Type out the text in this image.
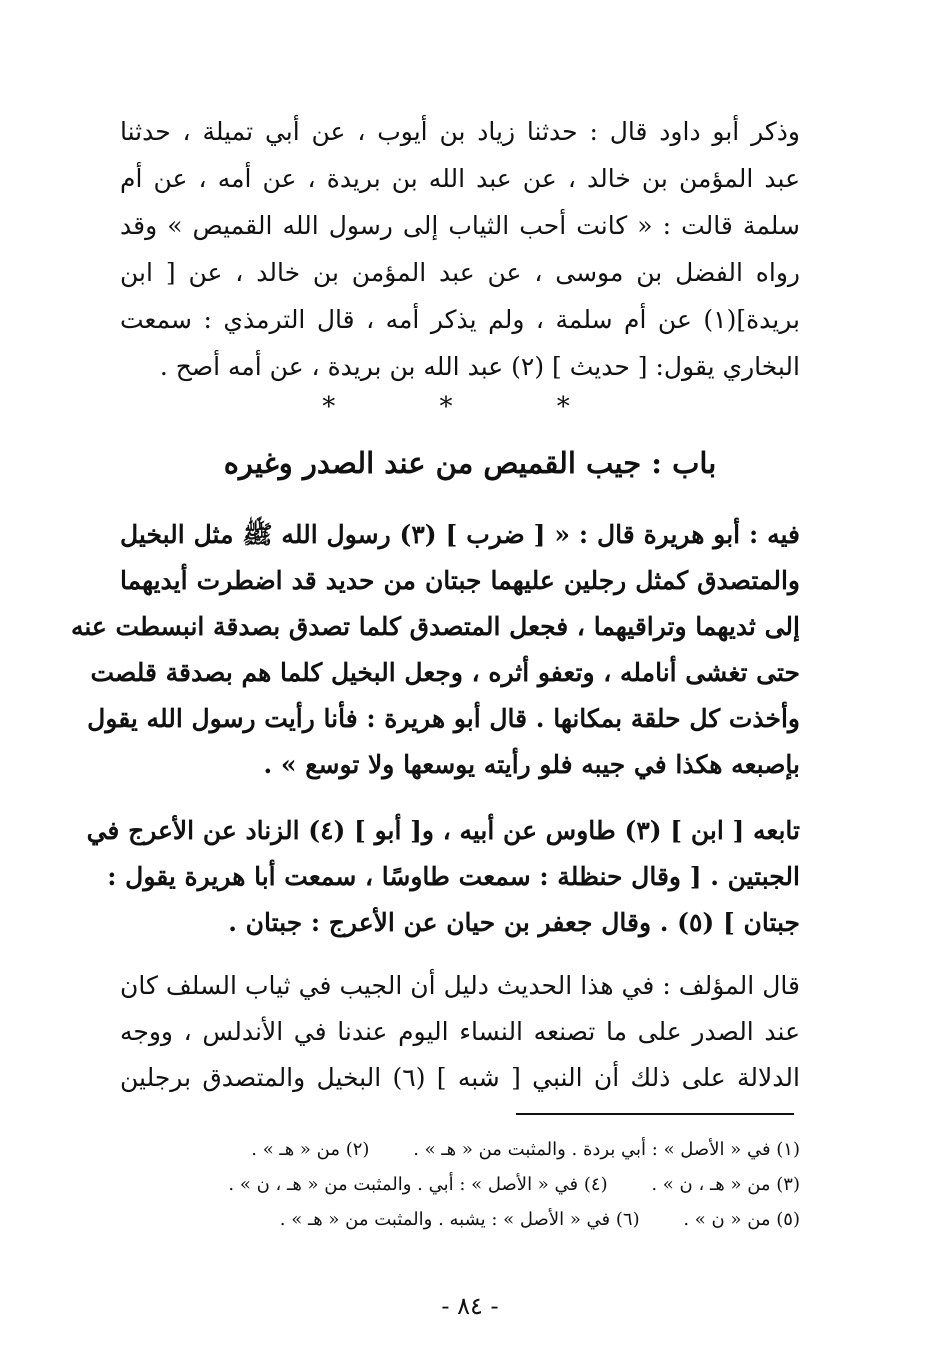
وذكر أبو داود قال : حدثنا زياد بن أيوب ، عن أبي تميلة ، حدثنا
عبد المؤمن بن خالد ، عن عبد الله بن بريدة ، عن أمه ، عن أم
سلمة قالت : « كانت أحب الثياب إلى رسول الله القميص » وقد
رواه الفضل بن موسى ، عن عبد المؤمن بن خالد ، عن [ ابن
بريدة](١) عن أم سلمة ، ولم يذكر أمه ، قال الترمذي : سمعت
البخاري يقول: [ حديث ] (٢) عبد الله بن بريدة ، عن أمه أصح .
* * *
باب : جيب القميص من عند الصدر وغيره
فيه : أبو هريرة قال : « [ ضرب ] (٣) رسول الله ﷺ مثل البخيل
والمتصدق كمثل رجلين عليهما جبتان من حديد قد اضطرت أيديهما
إلى ثديهما وتراقيهما ، فجعل المتصدق كلما تصدق بصدقة انبسطت عنه
حتى تغشى أنامله ، وتعفو أثره ، وجعل البخيل كلما هم بصدقة قلصت
وأخذت كل حلقة بمكانها . قال أبو هريرة : فأنا رأيت رسول الله يقول
بإصبعه هكذا في جيبه فلو رأيته يوسعها ولا توسع » .
تابعه [ ابن ] (٣) طاوس عن أبيه ، و[ أبو ] (٤) الزناد عن الأعرج في
الجبتين . [ وقال حنظلة : سمعت طاوسًا ، سمعت أبا هريرة يقول :
جبتان ] (٥) . وقال جعفر بن حيان عن الأعرج : جبتان .
قال المؤلف : في هذا الحديث دليل أن الجيب في ثياب السلف كان
عند الصدر على ما تصنعه النساء اليوم عندنا في الأندلس ، ووجه
الدلالة على ذلك أن النبي [ شبه ] (٦) البخيل والمتصدق برجلين
(١) في « الأصل » : أبي بردة . والمثبت من « هـ » . (٢) من « هـ » .
(٣) من « هـ ، ن » . (٤) في « الأصل » : أبي . والمثبت من « هـ ، ن » .
(٥) من « ن » . (٦) في « الأصل » : يشبه . والمثبت من « هـ » .
- ٨٤ -
